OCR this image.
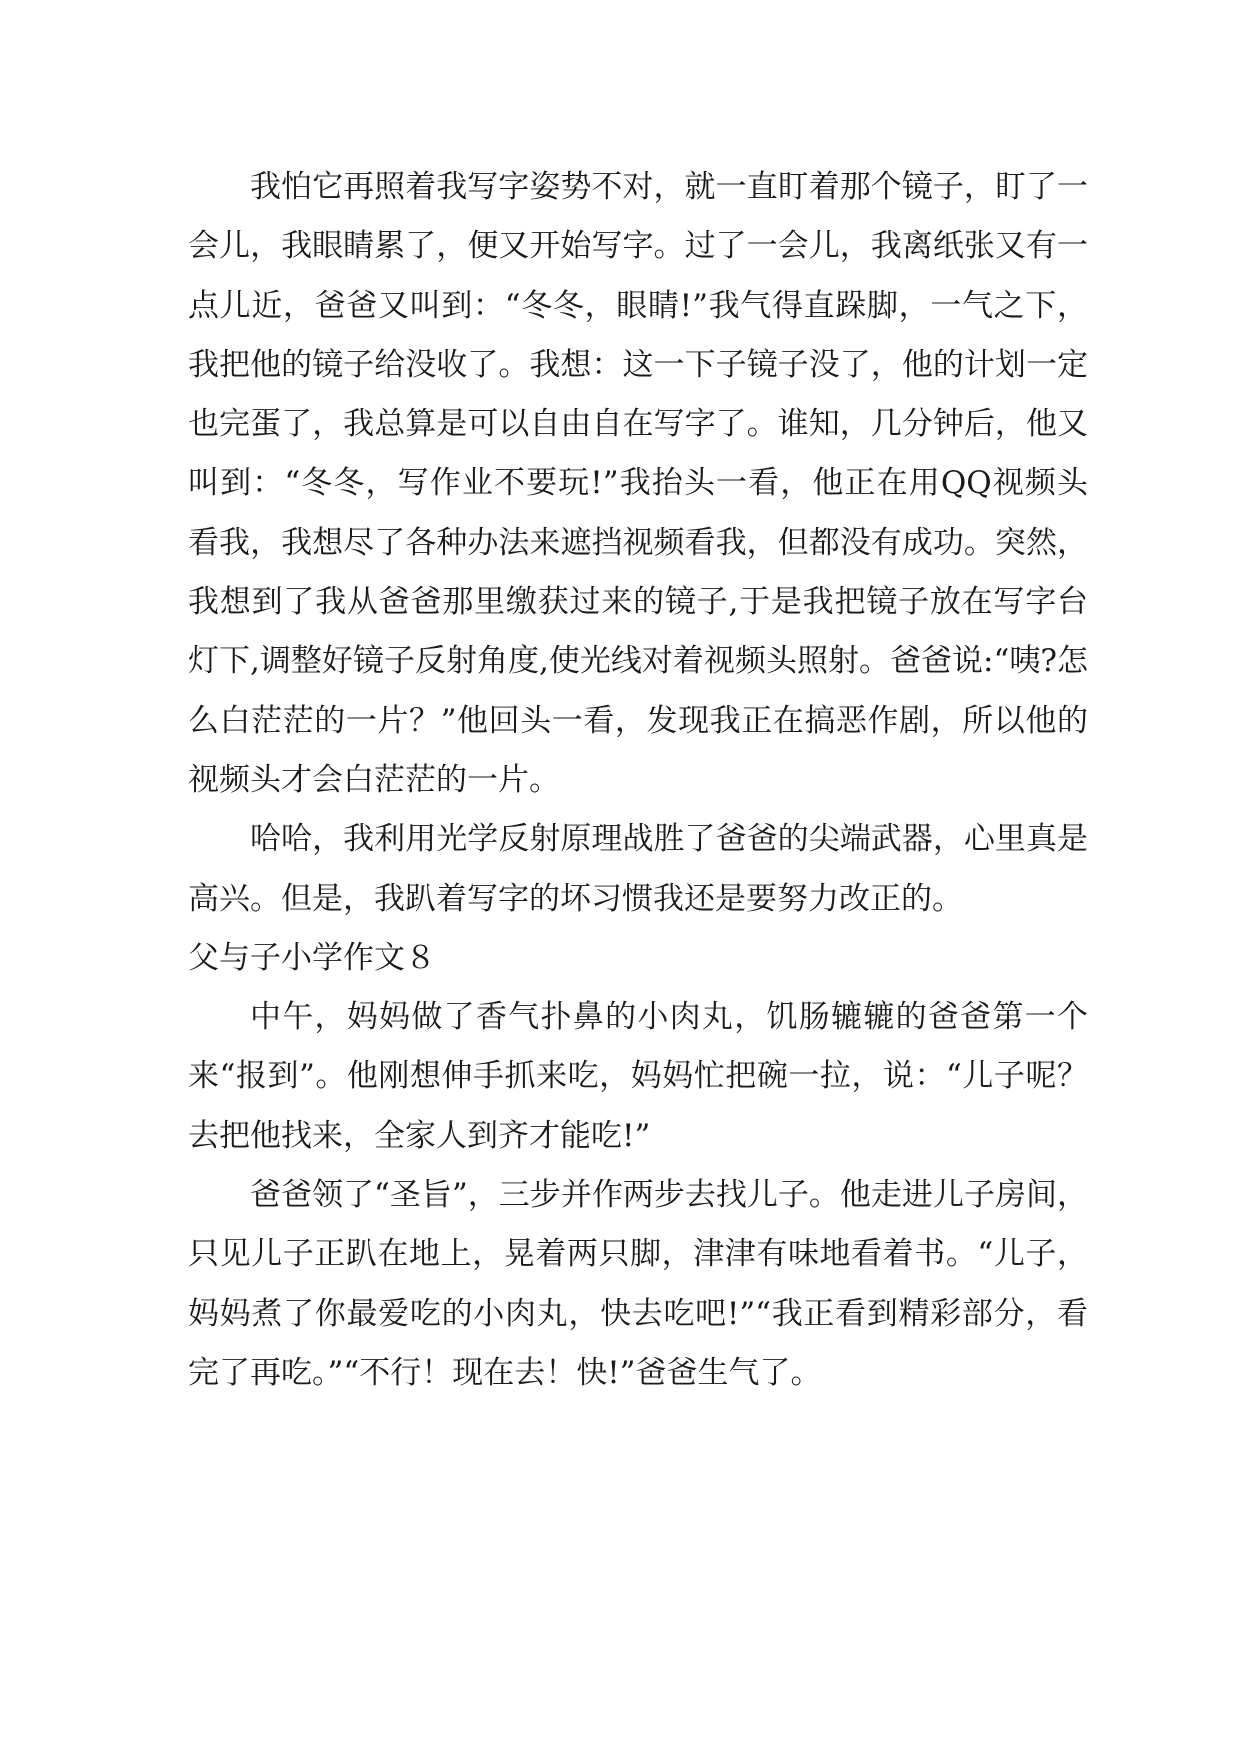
我怕它再照着我写字姿势不对，就一直盯着那个镜子，盯了一会儿，我眼睛累了，便又开始写字。过了一会儿，我离纸张又有一点儿近，爸爸又叫到：“冬冬，眼睛!”我气得直跺脚，一气之下，我把他的镜子给没收了。我想：这一下子镜子没了，他的计划一定也完蛋了，我总算是可以自由自在写字了。谁知，几分钟后，他又叫到：“冬冬，写作业不要玩!”我抬头一看，他正在用QQ视频头看我，我想尽了各种办法来遮挡视频看我，但都没有成功。突然，我想到了我从爸爸那里缴获过来的镜子,于是我把镜子放在写字台灯下,调整好镜子反射角度,使光线对着视频头照射。爸爸说:“咦?怎么白茫茫的一片？”他回头一看，发现我正在搞恶作剧，所以他的视频头才会白茫茫的一片。

哈哈，我利用光学反射原理战胜了爸爸的尖端武器，心里真是高兴。但是，我趴着写字的坏习惯我还是要努力改正的。

父与子小学作文８

中午，妈妈做了香气扑鼻的小肉丸，饥肠辘辘的爸爸第一个来“报到”。他刚想伸手抓来吃，妈妈忙把碗一拉，说：“儿子呢？去把他找来，全家人到齐才能吃!”

爸爸领了“圣旨”，三步并作两步去找儿子。他走进儿子房间，只见儿子正趴在地上，晃着两只脚，津津有味地看着书。“儿子，妈妈煮了你最爱吃的小肉丸，快去吃吧!”“我正看到精彩部分，看完了再吃。”“不行！现在去！快!”爸爸生气了。
